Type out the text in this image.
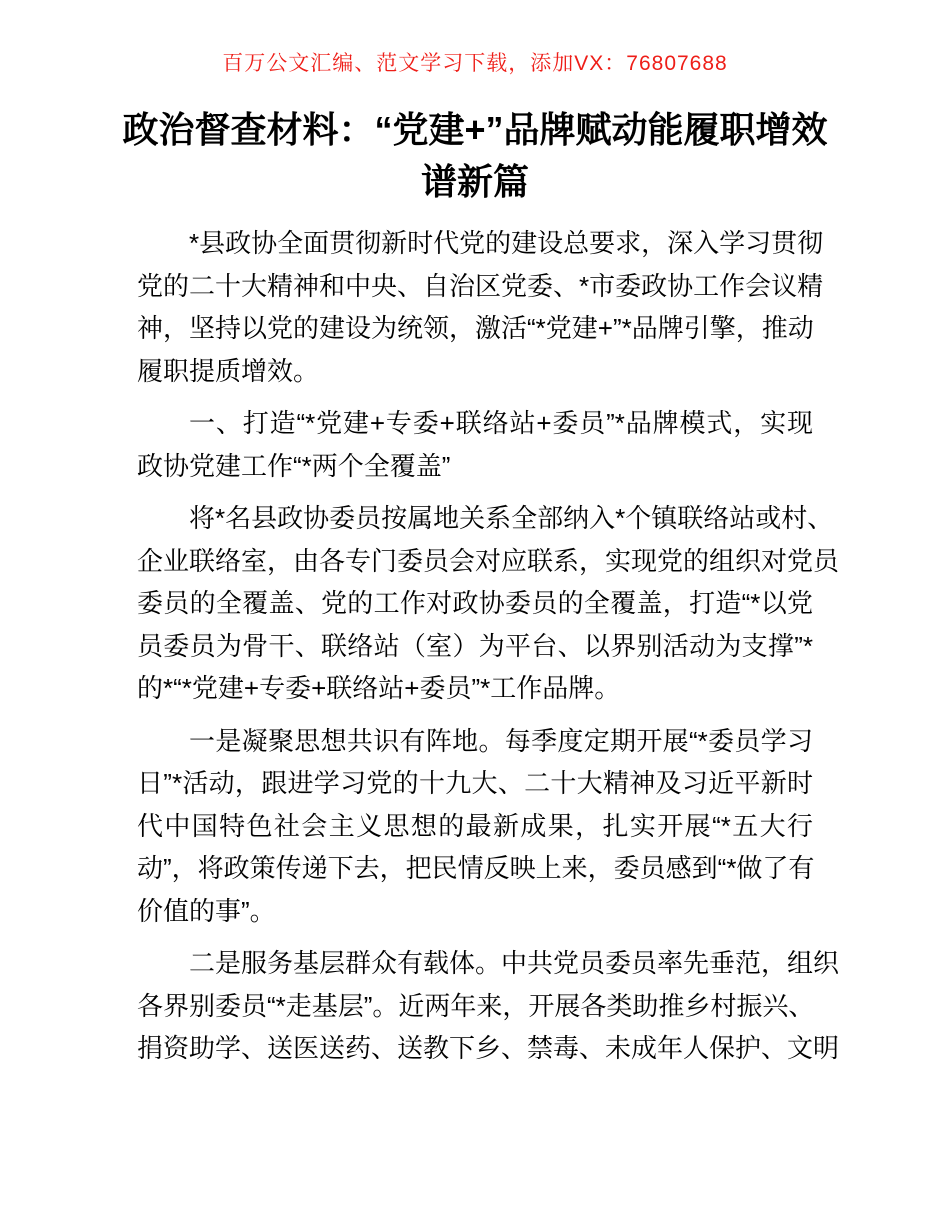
百万公文汇编、范文学习下载，添加VX：76807688
政治督查材料：“党建+”品牌赋动能履职增效
谱新篇
*县政协全面贯彻新时代党的建设总要求，深入学习贯彻
党的二十大精神和中央、自治区党委、*市委政协工作会议精
神，坚持以党的建设为统领，激活“*党建+”*品牌引擎，推动
履职提质增效。
一、打造“*党建+专委+联络站+委员”*品牌模式，实现
政协党建工作“*两个全覆盖”
将*名县政协委员按属地关系全部纳入*个镇联络站或村、
企业联络室，由各专门委员会对应联系，实现党的组织对党员
委员的全覆盖、党的工作对政协委员的全覆盖，打造“*以党
员委员为骨干、联络站（室）为平台、以界别活动为支撑”*
的*“*党建+专委+联络站+委员”*工作品牌。
一是凝聚思想共识有阵地。每季度定期开展“*委员学习
日”*活动，跟进学习党的十九大、二十大精神及习近平新时
代中国特色社会主义思想的最新成果，扎实开展“*五大行
动”，将政策传递下去，把民情反映上来，委员感到“*做了有
价值的事”。
二是服务基层群众有载体。中共党员委员率先垂范，组织
各界别委员“*走基层”。近两年来，开展各类助推乡村振兴、
捐资助学、送医送药、送教下乡、禁毒、未成年人保护、文明
